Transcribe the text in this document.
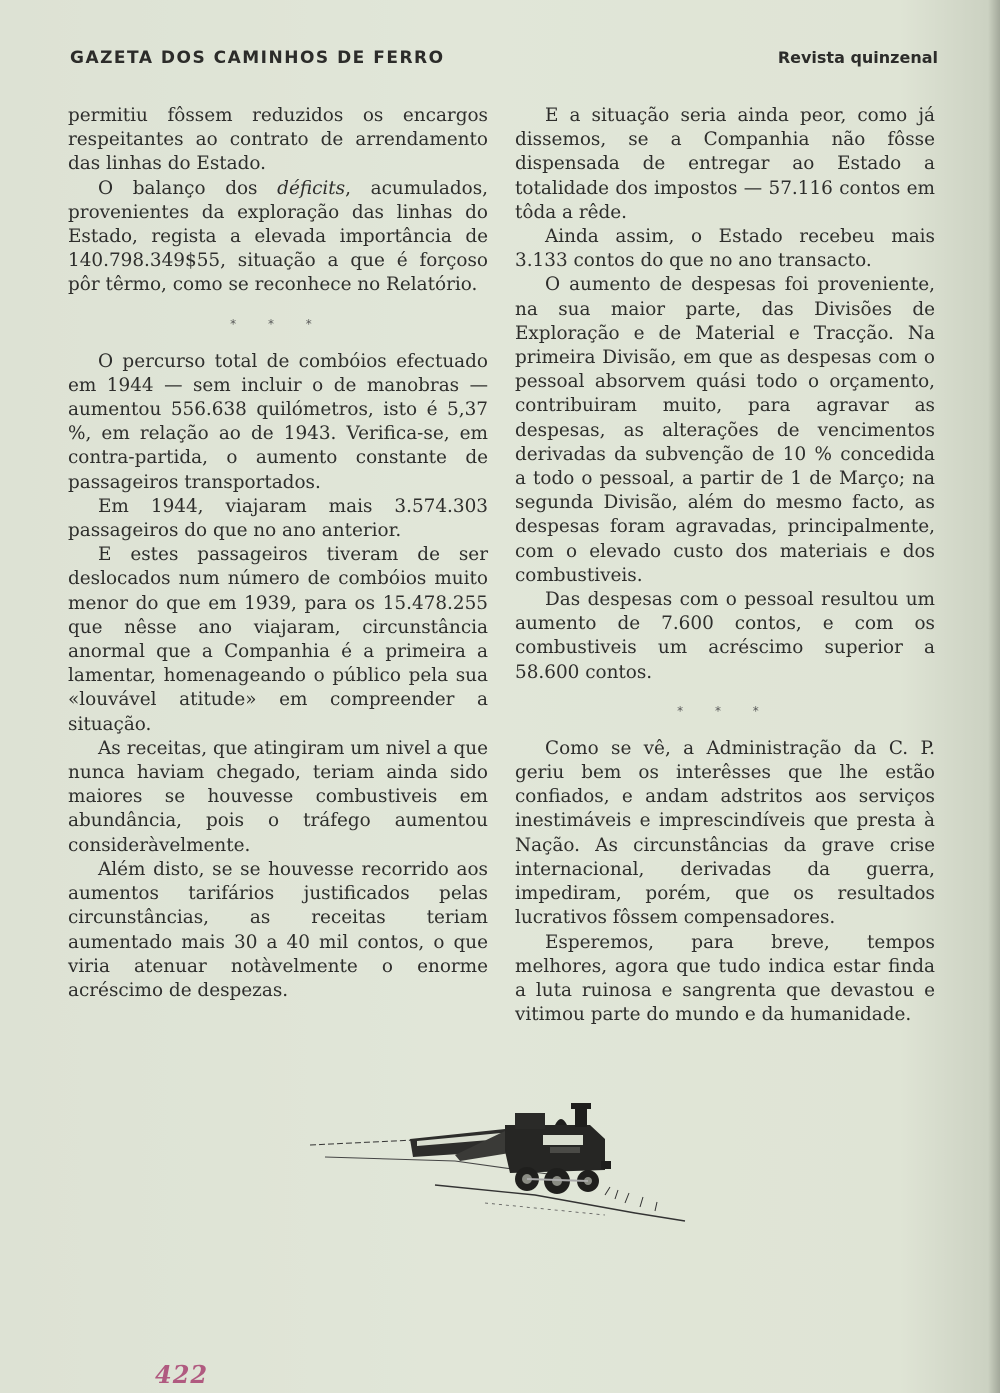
GAZETA DOS CAMINHOS DE FERRO	Revista quinzenal

permitiu fôssem reduzidos os encargos respeitantes ao contrato de arrendamento das linhas do Estado.

O balanço dos déficits, acumulados, provenientes da exploração das linhas do Estado, regista a elevada importância de 140.798.349$55, situação a que é forçoso pôr têrmo, como se reconhece no Relatório.

* * *

O percurso total de combóios efectuado em 1944 — sem incluir o de manobras — aumentou 556.638 quilómetros, isto é 5,37 %, em relação ao de 1943. Verifica-se, em contra-partida, o aumento constante de passageiros transportados.

Em 1944, viajaram mais 3.574.303 passageiros do que no ano anterior.

E estes passageiros tiveram de ser deslocados num número de combóios muito menor do que em 1939, para os 15.478.255 que nêsse ano viajaram, circunstância anormal que a Companhia é a primeira a lamentar, homenageando o público pela sua «louvável atitude» em compreender a situação.

As receitas, que atingiram um nivel a que nunca haviam chegado, teriam ainda sido maiores se houvesse combustiveis em abundância, pois o tráfego aumentou consideràvelmente.

Além disto, se se houvesse recorrido aos aumentos tarifários justificados pelas circunstâncias, as receitas teriam aumentado mais 30 a 40 mil contos, o que viria atenuar notàvelmente o enorme acréscimo de despezas.

E a situação seria ainda peor, como já dissemos, se a Companhia não fôsse dispensada de entregar ao Estado a totalidade dos impostos — 57.116 contos em tôda a rêde.

Ainda assim, o Estado recebeu mais 3.133 contos do que no ano transacto.

O aumento de despesas foi proveniente, na sua maior parte, das Divisões de Exploração e de Material e Tracção. Na primeira Divisão, em que as despesas com o pessoal absorvem quási todo o orçamento, contribuiram muito, para agravar as despesas, as alterações de vencimentos derivadas da subvenção de 10 % concedida a todo o pessoal, a partir de 1 de Março; na segunda Divisão, além do mesmo facto, as despesas foram agravadas, principalmente, com o elevado custo dos materiais e dos combustiveis.

Das despesas com o pessoal resultou um aumento de 7.600 contos, e com os combustiveis um acréscimo superior a 58.600 contos.

* * *

Como se vê, a Administração da C. P. geriu bem os interêsses que lhe estão confiados, e andam adstritos aos serviços inestimáveis e imprescindíveis que presta à Nação. As circunstâncias da grave crise internacional, derivadas da guerra, impediram, porém, que os resultados lucrativos fôssem compensadores.

Esperemos, para breve, tempos melhores, agora que tudo indica estar finda a luta ruinosa e sangrenta que devastou e vitimou parte do mundo e da humanidade.

422
